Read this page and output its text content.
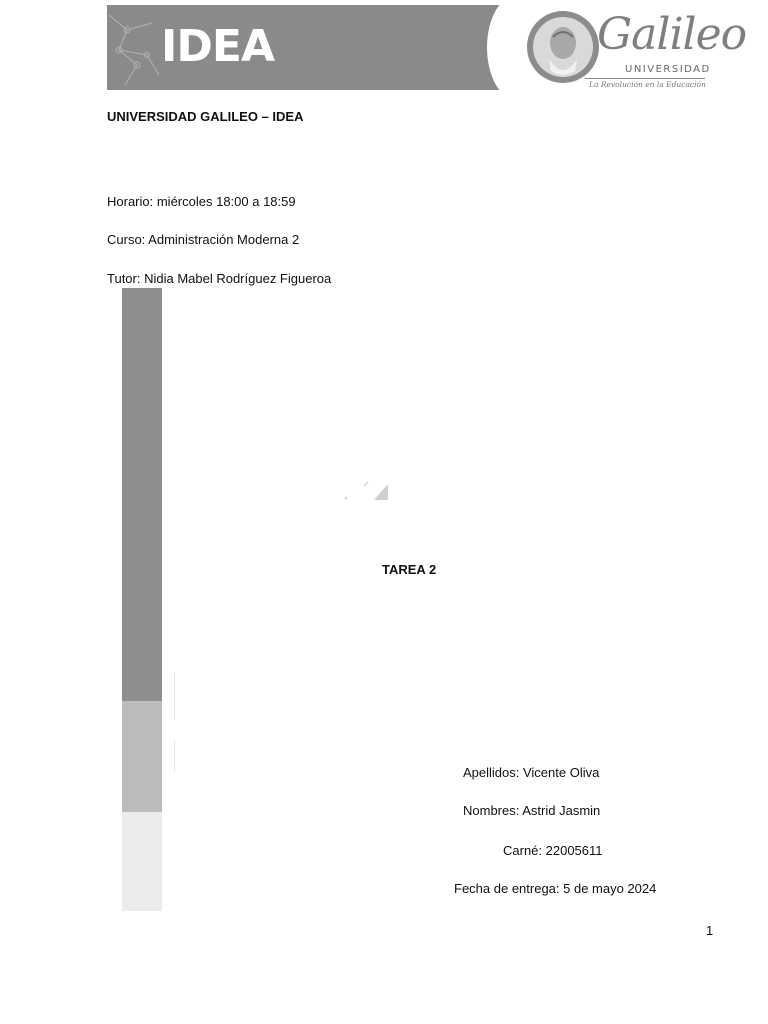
IDEA	Galileo
UNIVERSIDAD
La Revolución en la Educación
UNIVERSIDAD GALILEO – IDEA
Horario: miércoles 18:00 a 18:59
Curso: Administración Moderna 2
Tutor: Nidia Mabel Rodríguez Figueroa
TAREA 2
Apellidos: Vicente Oliva
Nombres: Astrid Jasmin
Carné: 22005611
Fecha de entrega: 5 de mayo 2024
1
